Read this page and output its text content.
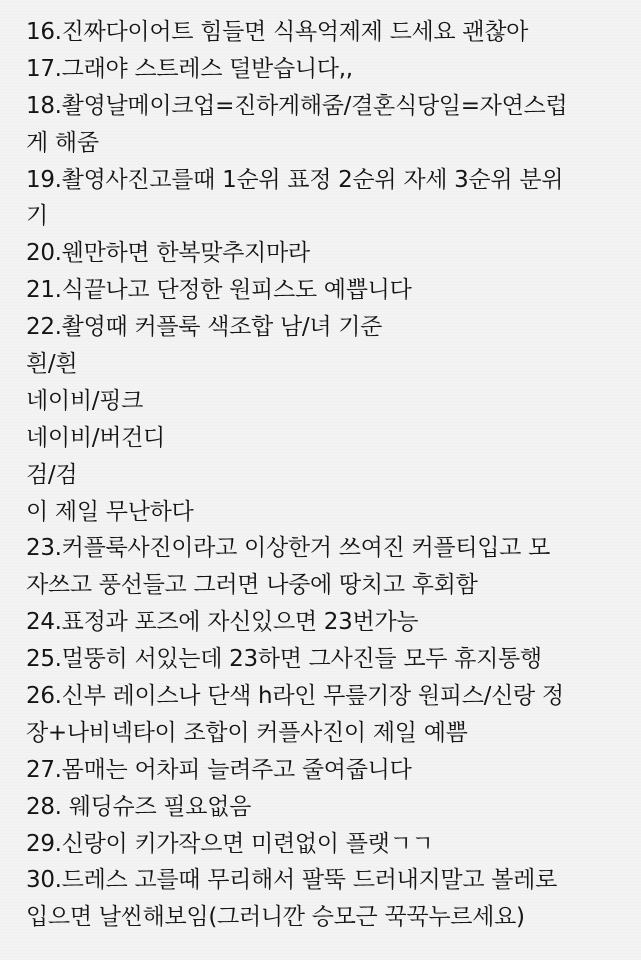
16.진짜다이어트 힘들면 식욕억제제 드세요 괜찮아
17.그래야 스트레스 덜받습니다,,
18.촬영날메이크업=진하게해줌/결혼식당일=자연스럽
게 해줌
19.촬영사진고를때 1순위 표정 2순위 자세 3순위 분위
기
20.웬만하면 한복맞추지마라
21.식끝나고 단정한 원피스도 예쁩니다
22.촬영때 커플룩 색조합 남/녀 기준
흰/흰
네이비/핑크
네이비/버건디
검/검
이 제일 무난하다
23.커플룩사진이라고 이상한거 쓰여진 커플티입고 모
자쓰고 풍선들고 그러면 나중에 땅치고 후회함
24.표정과 포즈에 자신있으면 23번가능
25.멀뚱히 서있는데 23하면 그사진들 모두 휴지통행
26.신부 레이스나 단색 h라인 무릎기장 원피스/신랑 정
장+나비넥타이 조합이 커플사진이 제일 예쁨
27.몸매는 어차피 늘려주고 줄여줍니다
28. 웨딩슈즈 필요없음
29.신랑이 키가작으면 미련없이 플랫ㄱㄱ
30.드레스 고를때 무리해서 팔뚝 드러내지말고 볼레로
입으면 날씬해보임(그러니깐 승모근 꾹꾹누르세요)
